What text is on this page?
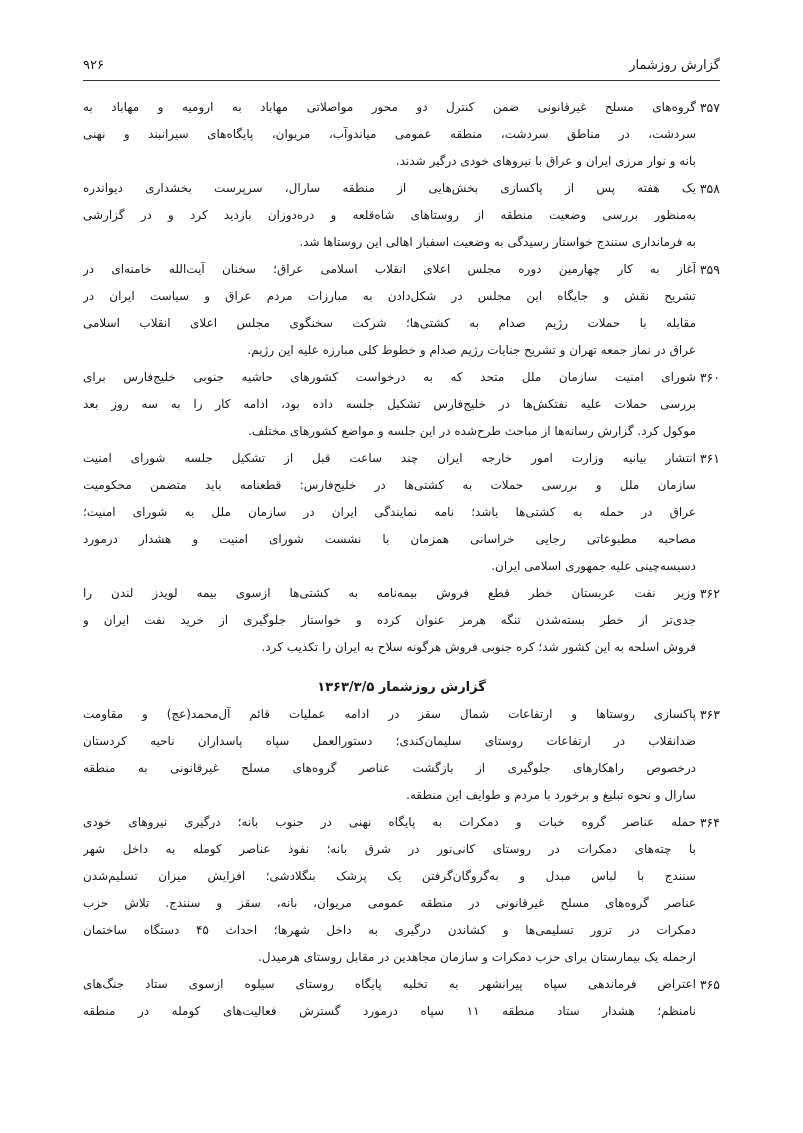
گزارش روزشمار
۹۲۶
۳۵۷
گروه‌های مسلح غیرقانونی ضمن کنترل دو محور مواصلاتی مهاباد به ارومیه و مهاباد به
سردشت، در مناطق سردشت، منطقه عمومی میاندوآب، مریوان، پایگاه‌های سیرانبند و نهنی
بانه و نوار مرزی ایران و عراق با نیروهای خودی درگیر شدند.
۳۵۸
یک هفته پس از پاکسازی بخش‌هایی از منطقه سارال، سرپرست بخشداری دیواندره
به‌منظور بررسی وضعیت منطقه از روستاهای شاه‌قلعه و دره‌دوزان بازدید کرد و در گزارشی
به فرمانداری سنندج خواستار رسیدگی به وضعیت اسفبار اهالی این روستاها شد.
۳۵۹
آغاز به کار چهارمین دوره مجلس اعلای انقلاب اسلامی عراق؛ سخنان آیت‌الله خامنه‌ای در
تشریح نقش و جایگاه این مجلس در شکل‌دادن به مبارزات مردم عراق و سیاست ایران در
مقابله با حملات رژیم صدام به کشتی‌ها؛ شرکت سخنگوی مجلس اعلای انقلاب اسلامی
عراق در نماز جمعه تهران و تشریح جنایات رژیم صدام و خطوط کلی مبارزه علیه این رژیم.
۳۶۰
شورای امنیت سازمان ملل متحد که به درخواست کشورهای حاشیه جنوبی خلیج‌فارس برای
بررسی حملات علیه نفتکش‌ها در خلیج‌فارس تشکیل جلسه داده بود، ادامه کار را به سه روز بعد
موکول کرد. گزارش رسانه‌ها از مباحث طرح‌شده در این جلسه و مواضع کشورهای مختلف.
۳۶۱
انتشار بیانیه وزارت امور خارجه ایران چند ساعت قبل از تشکیل جلسه شورای امنیت
سازمان ملل و بررسی حملات به کشتی‌ها در خلیج‌فارس: قطعنامه باید متضمن محکومیت
عراق در حمله به کشتی‌ها باشد؛ نامه نمایندگی ایران در سازمان ملل به شورای امنیت؛
مصاحبه مطبوعاتی رجایی خراسانی همزمان با نشست شورای امنیت و هشدار درمورد
دسیسه‌چینی علیه جمهوری اسلامی ایران.
۳۶۲
وزیر نفت عربستان خطر قطع فروش بیمه‌نامه به کشتی‌ها ازسوی بیمه لویدز لندن را
جدی‌تر از خطر بسته‌شدن تنگه هرمز عنوان کرده و خواستار جلوگیری از خرید نفت ایران و
فروش اسلحه به این کشور شد؛ کره جنوبی فروش هرگونه سلاح به ایران را تکذیب کرد.
گزارش روزشمار ۱۳۶۳/۳/۵
۳۶۳
پاکسازی روستاها و ارتفاعات شمال سقز در ادامه عملیات قائم آل‌محمد(عج) و مقاومت
ضدانقلاب در ارتفاعات روستای سلیمان‌کندی؛ دستورالعمل سپاه پاسداران ناحیه کردستان
درخصوص راهکارهای جلوگیری از بازگشت عناصر گروه‌های مسلح غیرقانونی به منطقه
سارال و نحوه تبلیغ و برخورد با مردم و طوایف این منطقه.
۳۶۴
حمله عناصر گروه خبات و دمکرات به پایگاه نهنی در جنوب بانه؛ درگیری نیروهای خودی
با چته‌های دمکرات در روستای کانی‌نور در شرق بانه؛ نفوذ عناصر کومله به داخل شهر
سنندج با لباس مبدل و به‌گروگان‌گرفتن یک پزشک بنگلادشی؛ افزایش میزان تسلیم‌شدن
عناصر گروه‌های مسلح غیرقانونی در منطقه عمومی مریوان، بانه، سقز و سنندج. تلاش حزب
دمکرات در ترور تسلیمی‌ها و کشاندن درگیری به داخل شهرها؛ احداث ۴۵ دستگاه ساختمان
ازجمله یک بیمارستان برای حزب دمکرات و سازمان مجاهدین در مقابل روستای هرمیدل.
۳۶۵
اعتراض فرماندهی سپاه پیرانشهر به تخلیه پایگاه روستای سیلوه ازسوی ستاد جنگ‌های
نامنظم؛ هشدار ستاد منطقه ۱۱ سپاه درمورد گسترش فعالیت‌های کومله در منطقه
